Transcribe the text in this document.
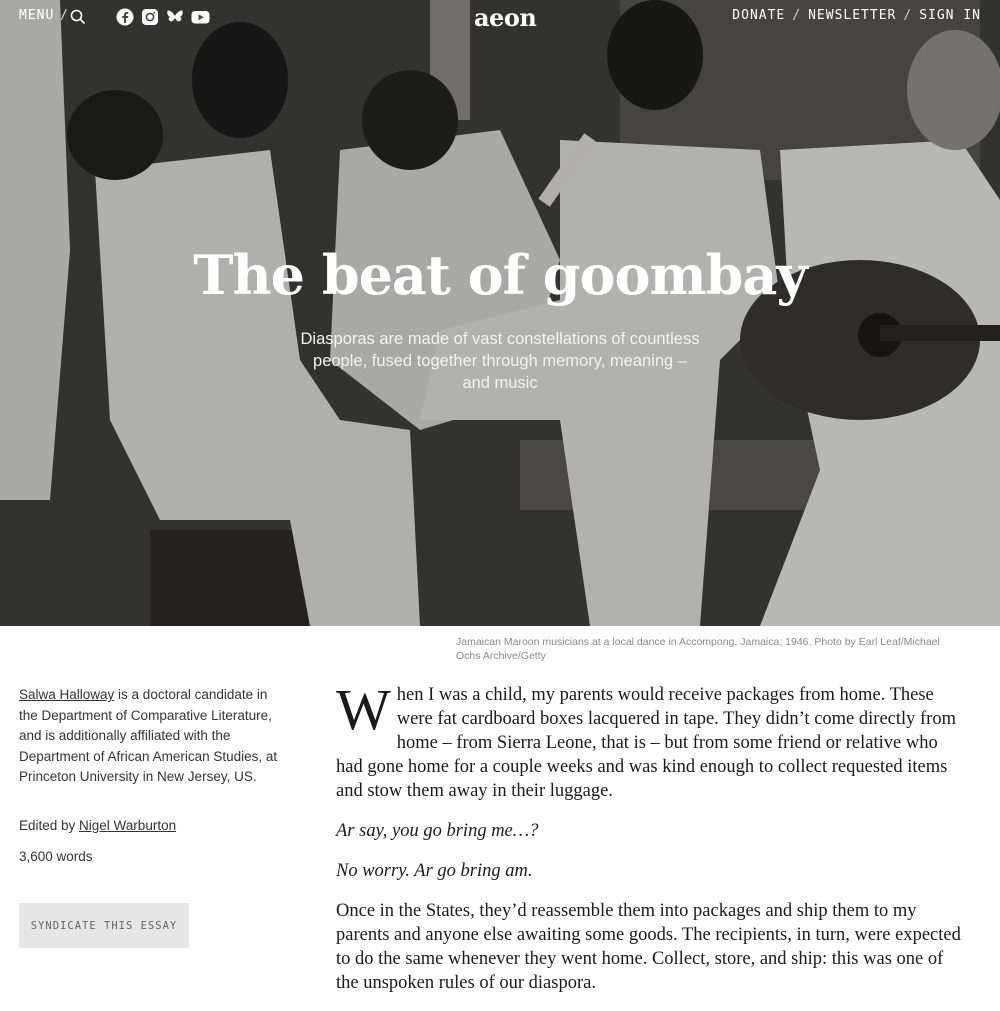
MENU /	aeon	DONATE / NEWSLETTER / SIGN IN
The beat of goombay
Diasporas are made of vast constellations of countless people, fused together through memory, meaning – and music
Jamaican Maroon musicians at a local dance in Accompong, Jamaica; 1946. Photo by Earl Leaf/Michael Ochs Archive/Getty
Salwa Halloway is a doctoral candidate in the Department of Comparative Literature, and is additionally affiliated with the Department of African American Studies, at Princeton University in New Jersey, US.
Edited by Nigel Warburton
3,600 words
SYNDICATE THIS ESSAY

When I was a child, my parents would receive packages from home. These were fat cardboard boxes lacquered in tape. They didn’t come directly from home – from Sierra Leone, that is – but from some friend or relative who had gone home for a couple weeks and was kind enough to collect requested items and stow them away in their luggage.

Ar say, you go bring me…?

No worry. Ar go bring am.

Once in the States, they’d reassemble them into packages and ship them to my parents and anyone else awaiting some goods. The recipients, in turn, were expected to do the same whenever they went home. Collect, store, and ship: this was one of the unspoken rules of our diaspora.
